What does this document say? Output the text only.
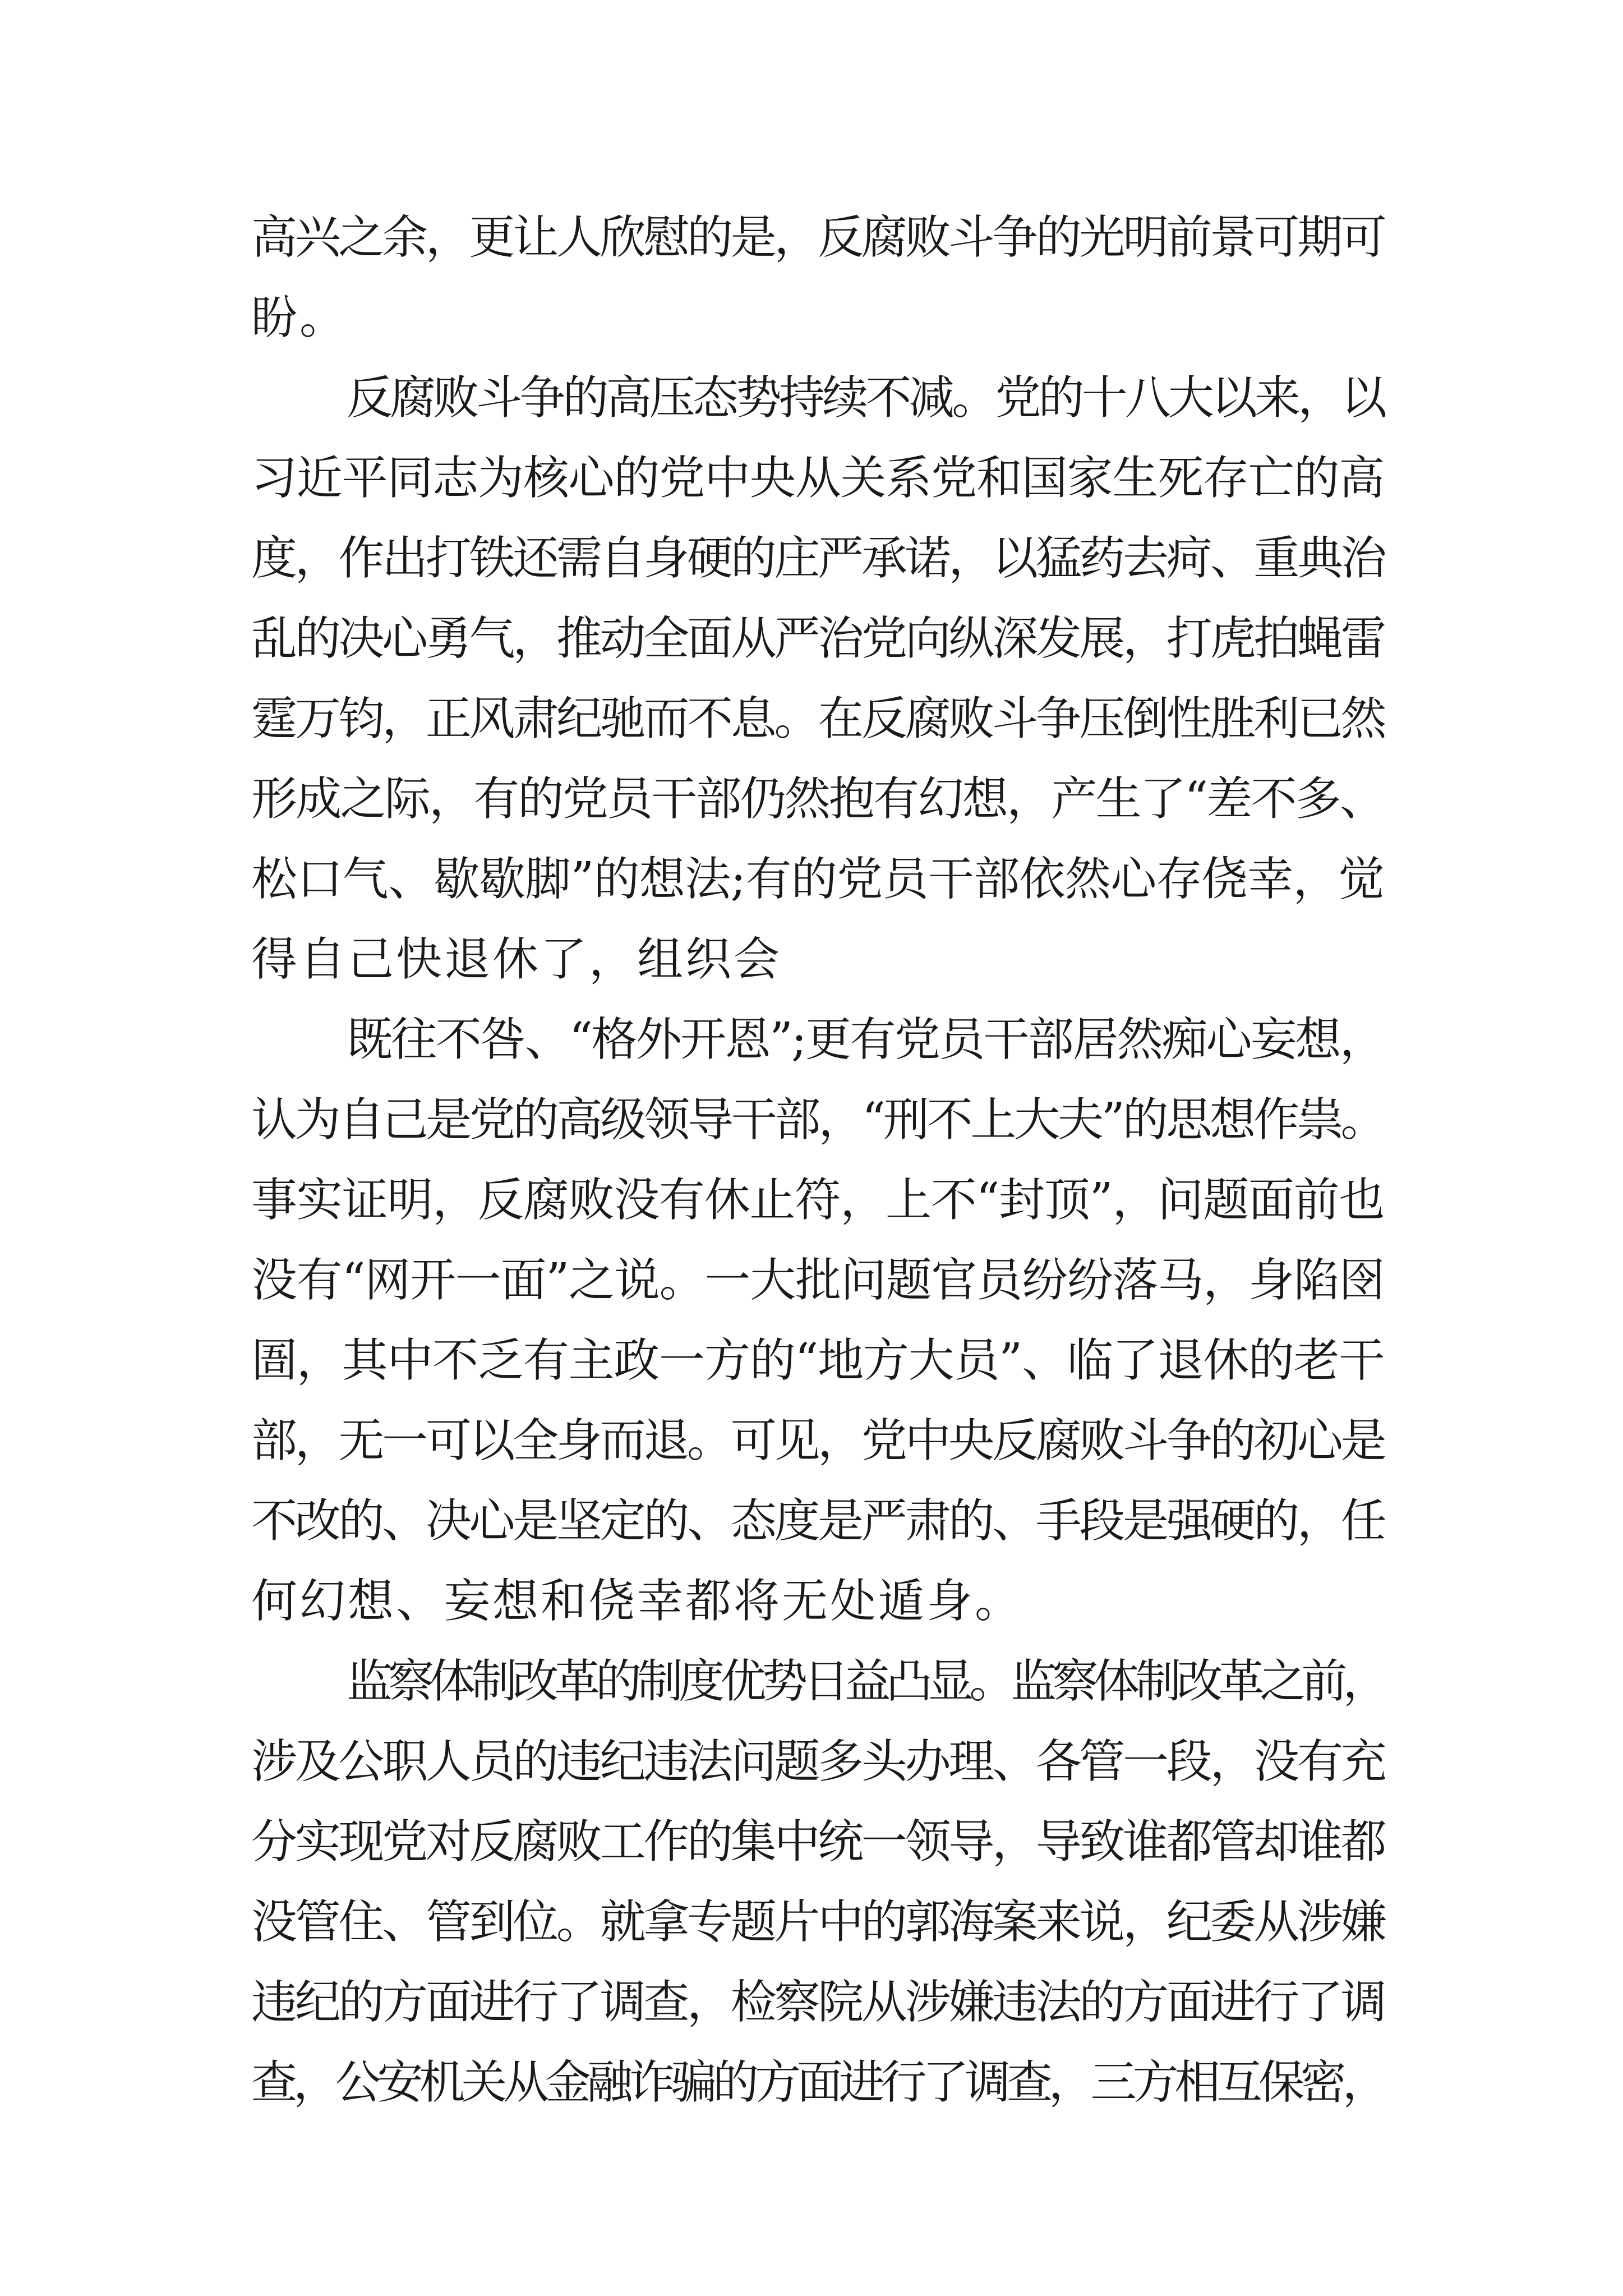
高兴之余，更让人欣慰的是，反腐败斗争的光明前景可期可
盼。
反腐败斗争的高压态势持续不减。党的十八大以来，以
习近平同志为核心的党中央从关系党和国家生死存亡的高
度，作出打铁还需自身硬的庄严承诺，以猛药去疴、重典治
乱的决心勇气，推动全面从严治党向纵深发展，打虎拍蝇雷
霆万钧，正风肃纪驰而不息。在反腐败斗争压倒性胜利已然
形成之际，有的党员干部仍然抱有幻想，产生了“差不多、
松口气、歇歇脚”的想法;有的党员干部依然心存侥幸，觉
得自己快退休了，组织会
既往不咎、“格外开恩”;更有党员干部居然痴心妄想，
认为自己是党的高级领导干部，“刑不上大夫”的思想作祟。
事实证明，反腐败没有休止符，上不“封顶”，问题面前也
没有“网开一面”之说。一大批问题官员纷纷落马，身陷囹
圄，其中不乏有主政一方的“地方大员”、临了退休的老干
部，无一可以全身而退。可见，党中央反腐败斗争的初心是
不改的、决心是坚定的、态度是严肃的、手段是强硬的，任
何幻想、妄想和侥幸都将无处遁身。
监察体制改革的制度优势日益凸显。监察体制改革之前，
涉及公职人员的违纪违法问题多头办理、各管一段，没有充
分实现党对反腐败工作的集中统一领导，导致谁都管却谁都
没管住、管到位。就拿专题片中的郭海案来说，纪委从涉嫌
违纪的方面进行了调查，检察院从涉嫌违法的方面进行了调
查，公安机关从金融诈骗的方面进行了调查，三方相互保密，
